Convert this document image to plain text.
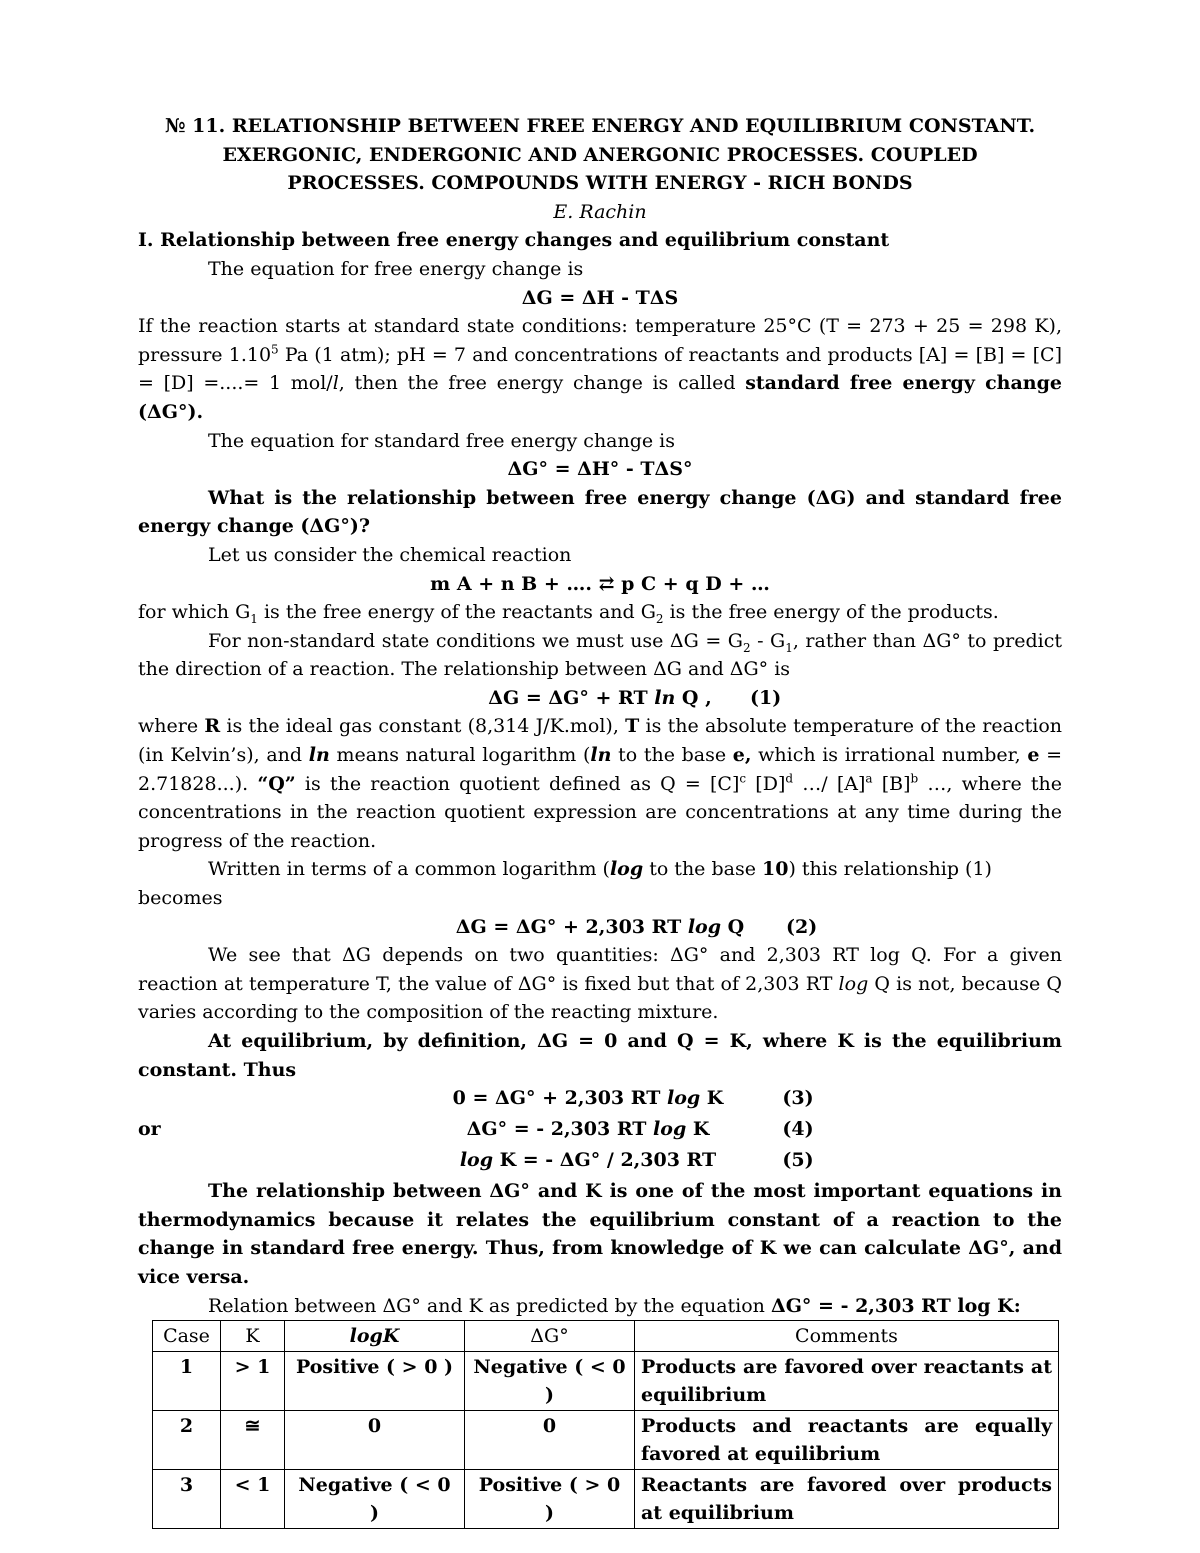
№ 11. RELATIONSHIP BETWEEN FREE ENERGY AND EQUILIBRIUM CONSTANT.
EXERGONIC, ENDERGONIC AND ANERGONIC PROCESSES. COUPLED
PROCESSES. COMPOUNDS WITH ENERGY - RICH BONDS
E. Rachin
I. Relationship between free energy changes and equilibrium constant
The equation for free energy change is
ΔG = ΔH - TΔS
If the reaction starts at standard state conditions: temperature 25°C (T = 273 + 25 = 298 K), pressure 1.10$^5$ Pa (1 atm); pH = 7 and concentrations of reactants and products [A] = [B] = [C] = [D] =....= 1 mol/l, then the free energy change is called standard free energy change (ΔG°).
The equation for standard free energy change is
ΔG° = ΔH° - TΔS°
What is the relationship between free energy change (ΔG) and standard free energy change (ΔG°)?
Let us consider the chemical reaction
m A + n B + …. ⇄ p C + q D + …
for which $G_1$ is the free energy of the reactants and $G_2$ is the free energy of the products.
For non-standard state conditions we must use $\Delta G = G_2 - G_1$, rather than ΔG° to predict the direction of a reaction. The relationship between ΔG and ΔG° is
ΔG = ΔG° + RT ln Q , (1)
where R is the ideal gas constant (8,314 J/K.mol), T is the absolute temperature of the reaction (in Kelvin’s), and ln means natural logarithm (ln to the base e, which is irrational number, e = 2.71828...). “Q” is the reaction quotient defined as $Q = [C]^c$ $[D]^d$ …/ $[A]^a$ $[B]^b$ …, where the concentrations in the reaction quotient expression are concentrations at any time during the progress of the reaction.
Written in terms of a common logarithm (log to the base 10) this relationship (1) becomes
ΔG = ΔG° + 2,303 RT log Q (2)
We see that ΔG depends on two quantities: ΔG° and 2,303 RT log Q. For a given reaction at temperature T, the value of ΔG° is fixed but that of 2,303 RT log Q is not, because Q varies according to the composition of the reacting mixture.
At equilibrium, by definition, ΔG = 0 and Q = K, where K is the equilibrium constant. Thus
0 = ΔG° + 2,303 RT log K	(3)
or	ΔG° = - 2,303 RT log K	(4)
log K = - ΔG° / 2,303 RT	(5)
The relationship between ΔG° and K is one of the most important equations in thermodynamics because it relates the equilibrium constant of a reaction to the change in standard free energy. Thus, from knowledge of K we can calculate ΔG°, and vice versa.
Relation between ΔG° and K as predicted by the equation ΔG° = - 2,303 RT log K:
Case	K	logK	ΔG°	Comments
1	> 1	Positive ( > 0 )	Negative ( < 0 )	Products are favored over reactants at equilibrium
2	≅	0	0	Products and reactants are equally favored at equilibrium
3	< 1	Negative ( < 0 )	Positive ( > 0 )	Reactants are favored over products at equilibrium
